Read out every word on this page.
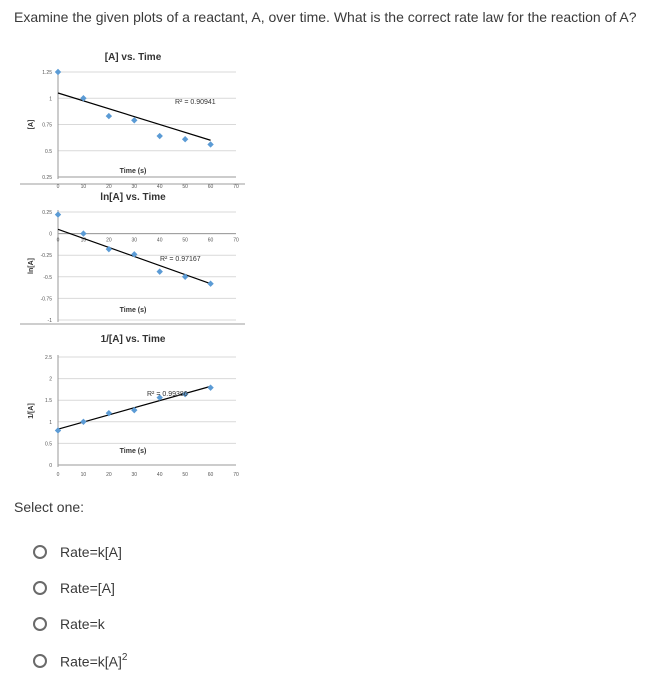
Examine the given plots of a reactant, A, over time. What is the correct rate law for the reaction of A?
[A] vs. Time
1.25
1
0.75
0.5
0.25
0	10	20	30	40	50	60	70
Time (s)
[A]
R² = 0.90941
ln[A] vs. Time
0.25
0
-0.25
-0.5
-0.75
-1
0	10	20	30	40	50	60	70
Time (s)
ln[A]	R² = 0.97167
1/[A] vs. Time
2.5
2
1.5
1
0.5
0
0	10	20	30	40	50	60	70
Time (s)
1/[A]
R² = 0.99386
Select one:
Rate=k[A]
Rate=[A]
Rate=k
$Rate=k[A]^2$
